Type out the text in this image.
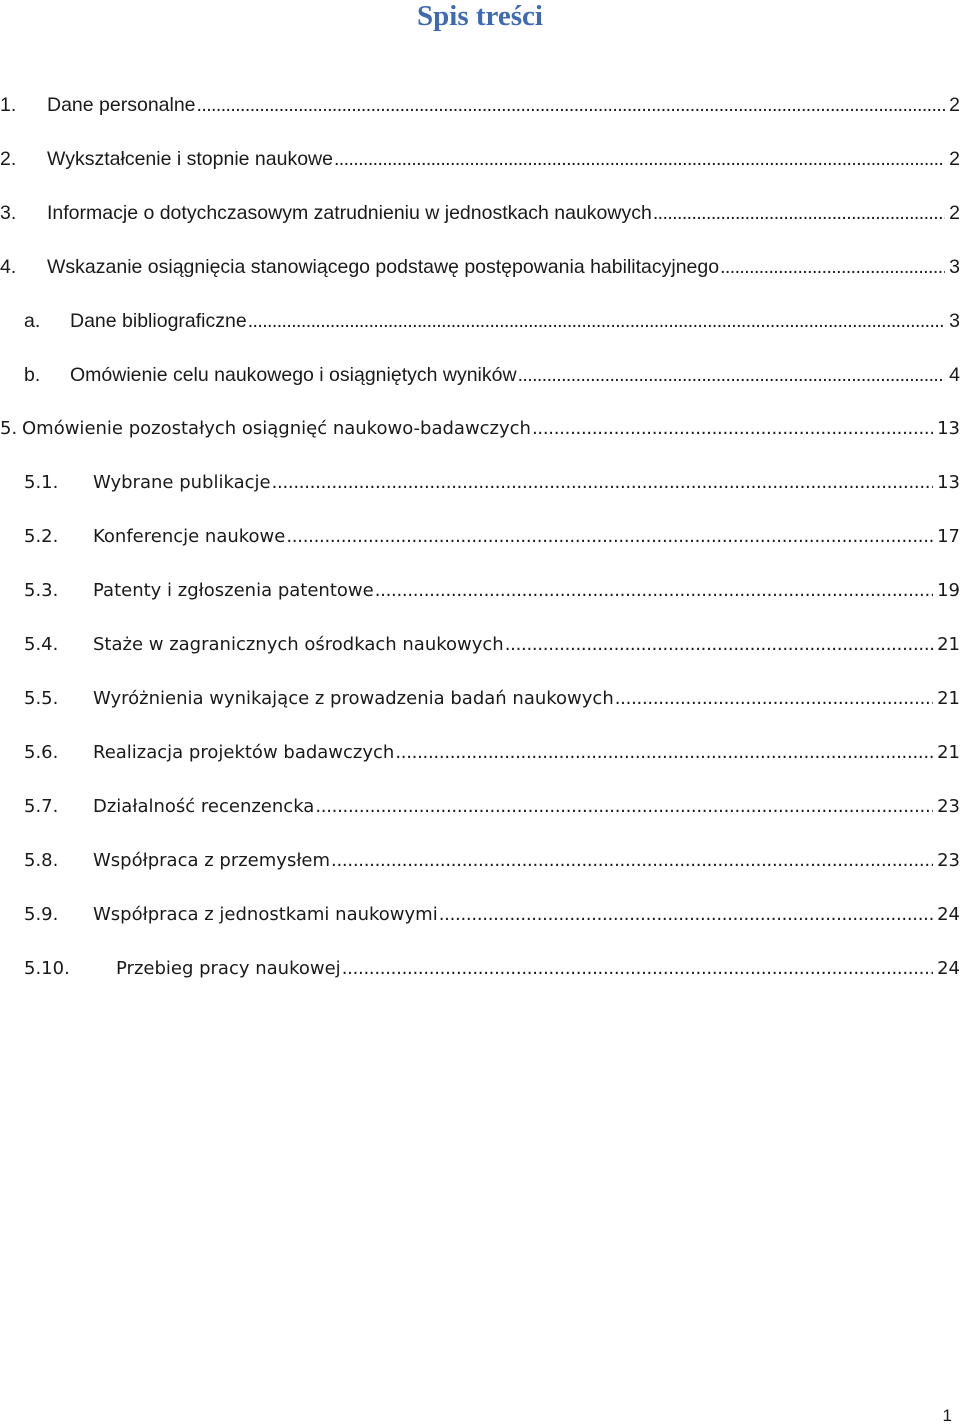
Spis treści
1. Dane personalne . . .	2
2. Wykształcenie i stopnie naukowe . . .	2
3. Informacje o dotychczasowym zatrudnieniu w jednostkach naukowych . . .	2
4. Wskazanie osiągnięcia stanowiącego podstawę postępowania habilitacyjnego . . .	3
a. Dane bibliograficzne . . .	3
b. Omówienie celu naukowego i osiągniętych wyników . . .	4
5. Omówienie pozostałych osiągnięć naukowo-badawczych . . .	13
5.1. Wybrane publikacje . . .	13
5.2. Konferencje naukowe . . .	17
5.3. Patenty i zgłoszenia patentowe . . .	19
5.4. Staże w zagranicznych ośrodkach naukowych . . .	21
5.5. Wyróżnienia wynikające z prowadzenia badań naukowych . . .	21
5.6. Realizacja projektów badawczych . . .	21
5.7. Działalność recenzencka . . .	23
5.8. Współpraca z przemysłem . . .	23
5.9. Współpraca z jednostkami naukowymi . . .	24
5.10.	Przebieg pracy naukowej . . .	24
1
